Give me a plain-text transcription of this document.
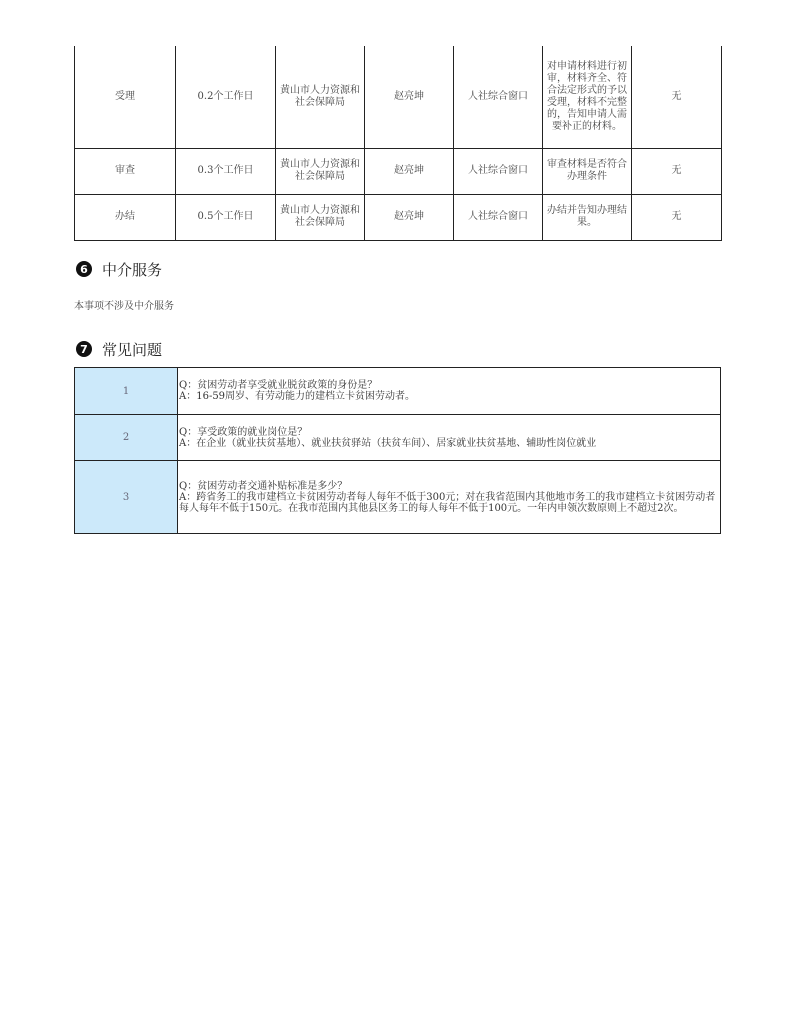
受理	0.2个工作日	黄山市人力资源和社会保障局	赵亮坤	人社综合窗口	对申请材料进行初审，材料齐全、符合法定形式的予以受理，材料不完整的，告知申请人需要补正的材料。	无
审查	0.3个工作日	黄山市人力资源和社会保障局	赵亮坤	人社综合窗口	审查材料是否符合办理条件	无
办结	0.5个工作日	黄山市人力资源和社会保障局	赵亮坤	人社综合窗口	办结并告知办理结果。	无
6 中介服务
本事项不涉及中介服务
7 常见问题
1	Q：贫困劳动者享受就业脱贫政策的身份是？
A：16-59周岁、有劳动能力的建档立卡贫困劳动者。

2	Q：享受政策的就业岗位是？
A：在企业（就业扶贫基地）、就业扶贫驿站（扶贫车间）、居家就业扶贫基地、辅助性岗位就业

3	Q：贫困劳动者交通补贴标准是多少？
A：跨省务工的我市建档立卡贫困劳动者每人每年不低于300元；对在我省范围内其他地市务工的我市建档立卡贫困劳动者每人每年不低于150元。在我市范围内其他县区务工的每人每年不低于100元。一年内申领次数原则上不超过2次。
